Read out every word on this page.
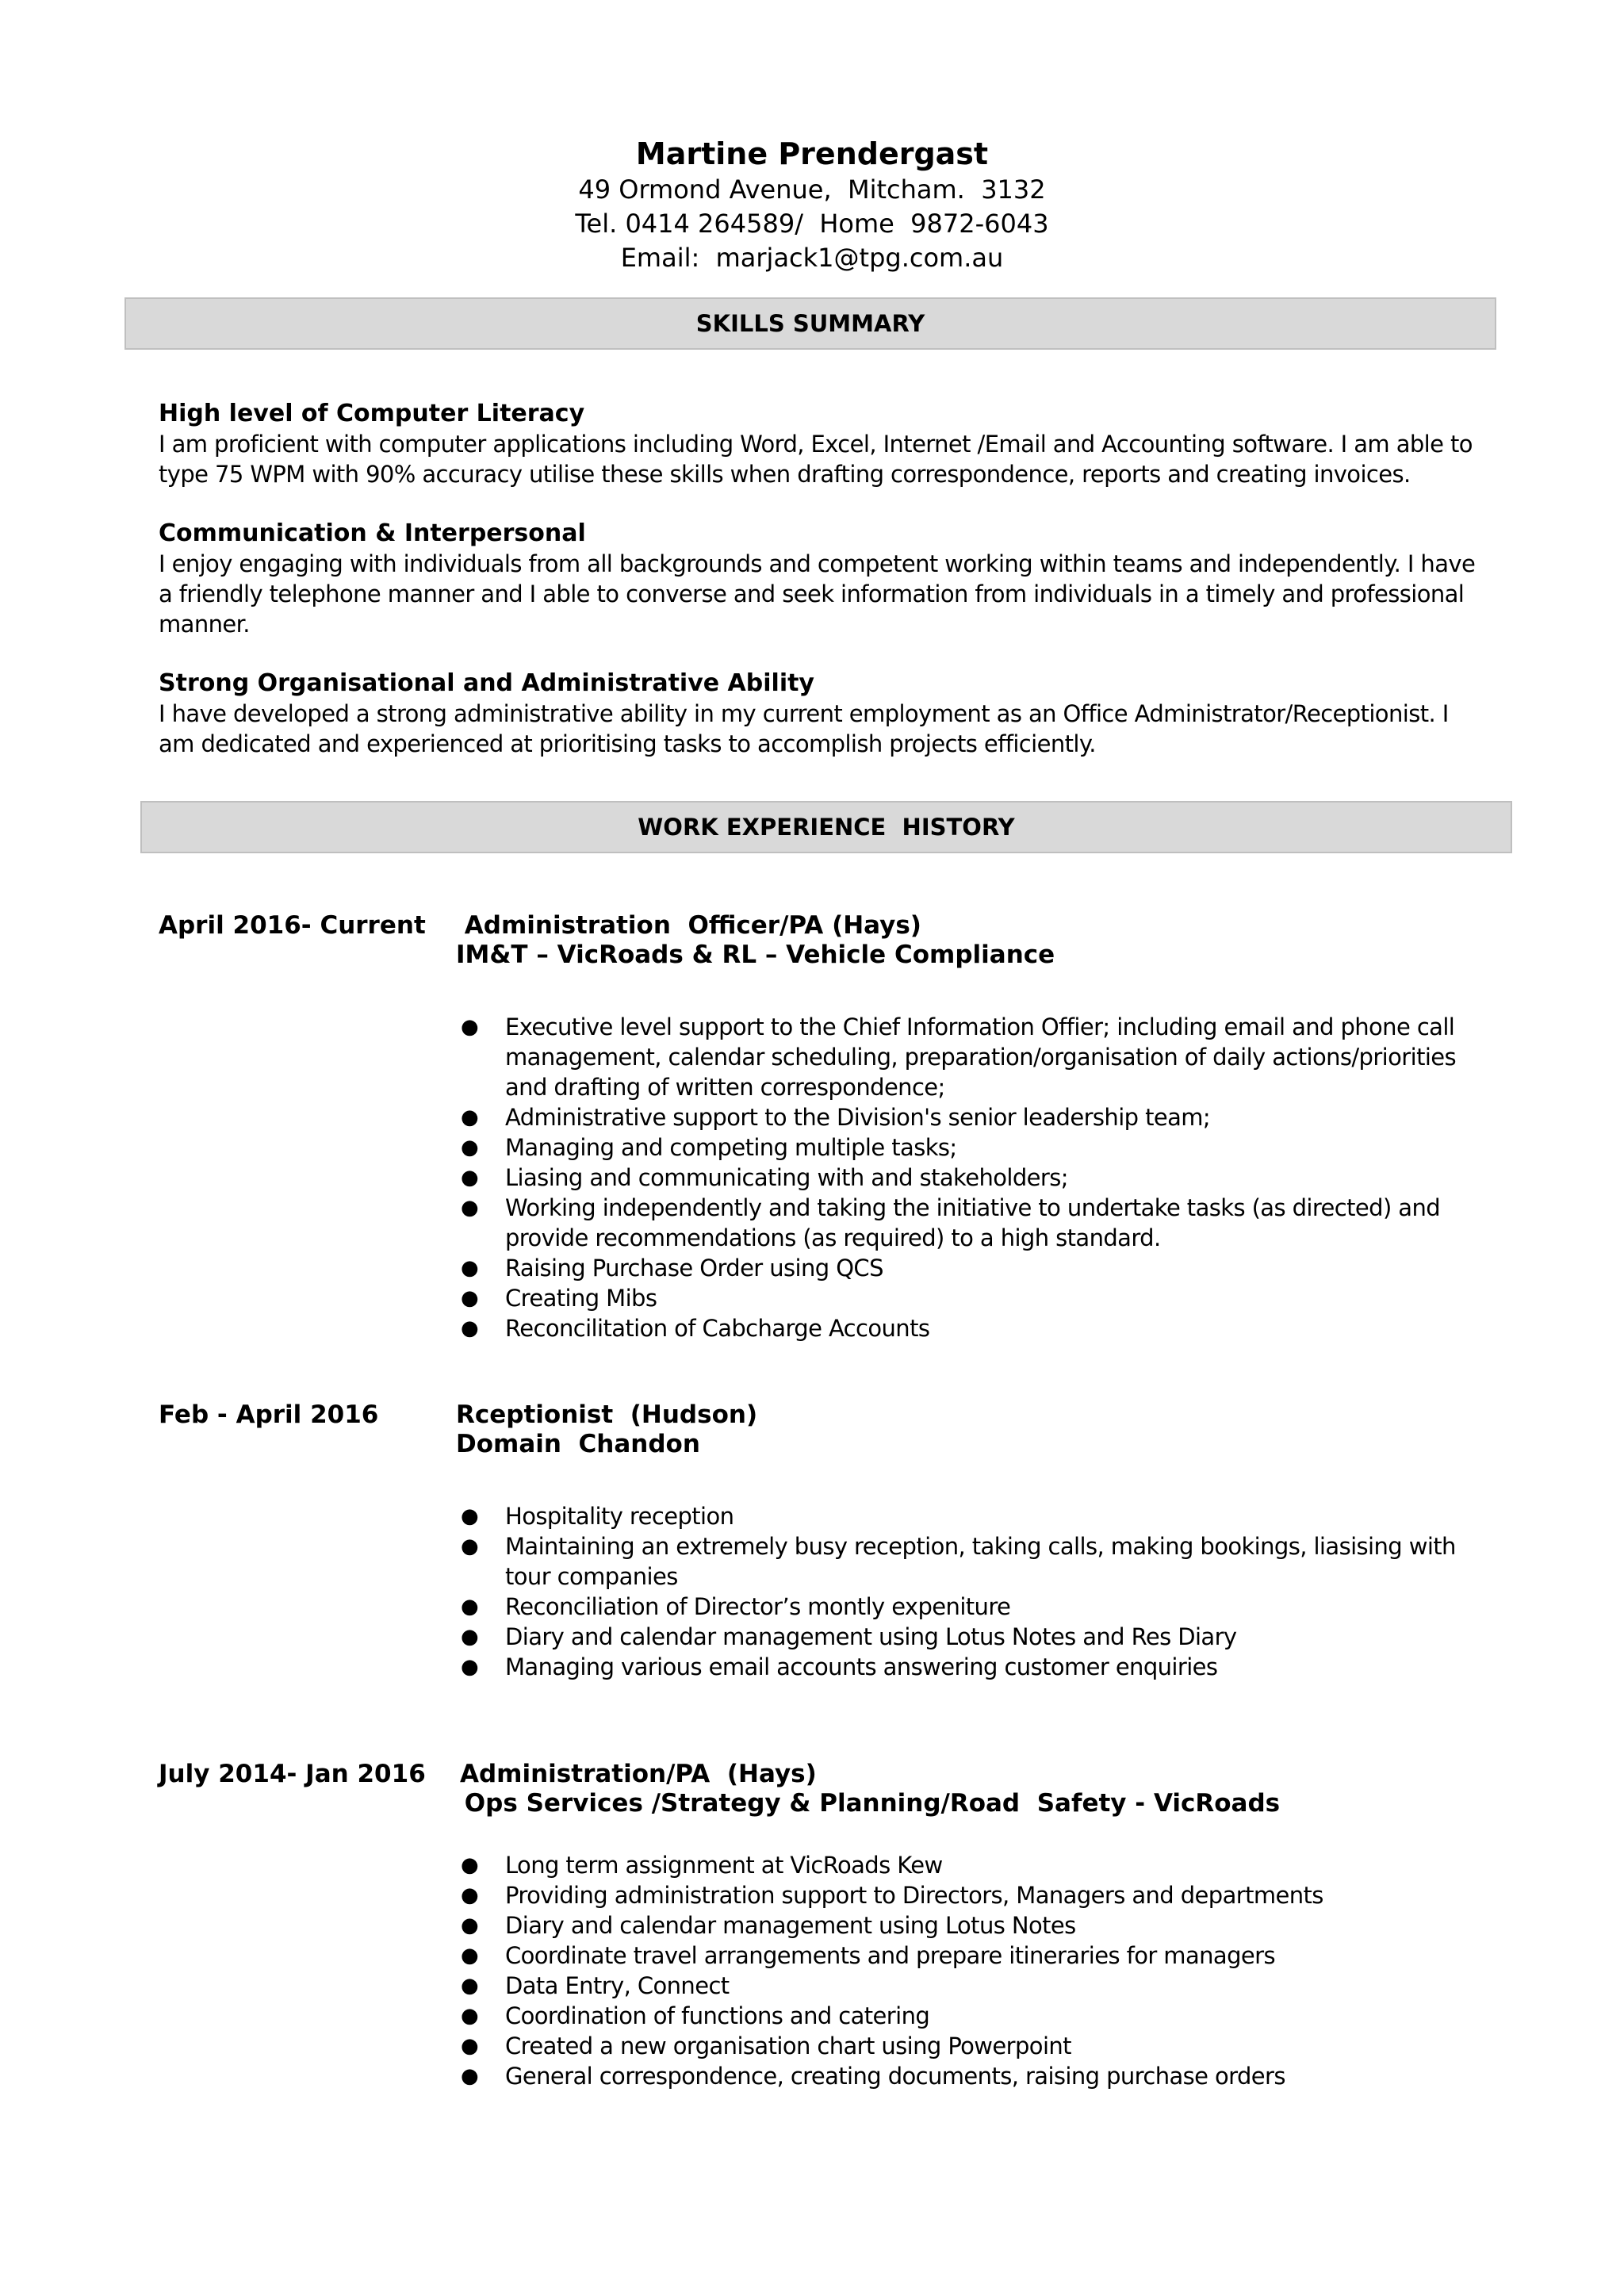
Martine Prendergast
49 Ormond Avenue,  Mitcham.  3132
Tel. 0414 264589/  Home  9872-6043
Email:  marjack1@tpg.com.au
SKILLS SUMMARY
High level of Computer Literacy
I am proficient with computer applications including Word, Excel, Internet /Email and Accounting software. I am able to type 75 WPM with 90% accuracy utilise these skills when drafting correspondence, reports and creating invoices.
Communication & Interpersonal
I enjoy engaging with individuals from all backgrounds and competent working within teams and independently. I have a friendly telephone manner and I able to converse and seek information from individuals in a timely and professional manner.
Strong Organisational and Administrative Ability
I have developed a strong administrative ability in my current employment as an Office Administrator/Receptionist. I am dedicated and experienced at prioritising tasks to accomplish projects efficiently.
WORK EXPERIENCE  HISTORY
April 2016- Current Administration  Officer/PA (Hays)
IM&T – VicRoads & RL – Vehicle Compliance
● Executive level support to the Chief Information Offier; including email and phone call management, calendar scheduling, preparation/organisation of daily actions/priorities and drafting of written correspondence;
● Administrative support to the Division's senior leadership team;
● Managing and competing multiple tasks;
● Liasing and communicating with and stakeholders;
● Working independently and taking the initiative to undertake tasks (as directed) and provide recommendations (as required) to a high standard.
● Raising Purchase Order using QCS
● Creating Mibs
● Reconcilitation of Cabcharge Accounts
Feb - April 2016	Rceptionist  (Hudson)
Domain  Chandon
● Hospitality reception
● Maintaining an extremely busy reception, taking calls, making bookings, liasising with tour companies
● Reconciliation of Director’s montly expeniture
● Diary and calendar management using Lotus Notes and Res Diary
● Managing various email accounts answering customer enquiries
July 2014- Jan 2016 Administration/PA  (Hays)
Ops Services /Strategy & Planning/Road  Safety - VicRoads
● Long term assignment at VicRoads Kew
● Providing administration support to Directors, Managers and departments
● Diary and calendar management using Lotus Notes
● Coordinate travel arrangements and prepare itineraries for managers
● Data Entry, Connect
● Coordination of functions and catering
● Created a new organisation chart using Powerpoint
● General correspondence, creating documents, raising purchase orders
